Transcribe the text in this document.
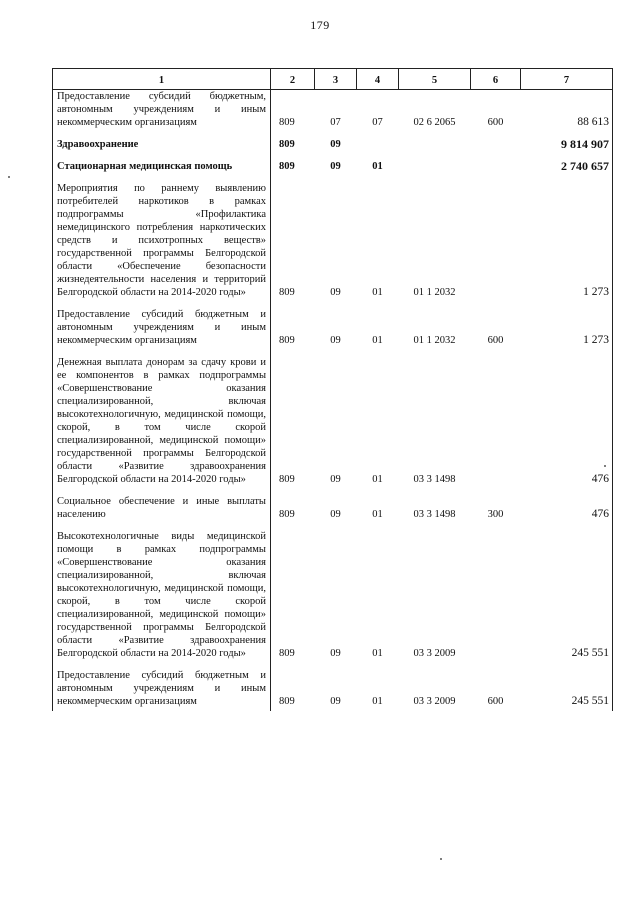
179
1	2	3	4	5	6	7
Предоставление субсидий бюджетным, автономным учреждениям и иным некоммерческим организациям	809	07	07	02 6 2065	600	88 613

Здравоохранение	809	09				9 814 907

Стационарная медицинская помощь	809	09	01			2 740 657

Мероприятия по раннему выявлению потребителей наркотиков в рамках подпрограммы «Профилактика немедицинского потребления наркотических средств и психотропных веществ» государственной программы Белгородской области «Обеспечение безопасности жизнедеятельности населения и территорий Белгородской области на 2014-2020 годы»	809	09	01	01 1 2032		1 273

Предоставление субсидий бюджетным и автономным учреждениям и иным некоммерческим организациям	809	09	01	01 1 2032	600	1 273

Денежная выплата донорам за сдачу крови и ее компонентов в рамках подпрограммы «Совершенствование оказания специализированной, включая высокотехнологичную, медицинской помощи, скорой, в том числе скорой специализированной, медицинской помощи» государственной программы Белгородской области «Развитие здравоохранения Белгородской области на 2014-2020 годы»	809	09	01	03 3 1498		476

Социальное обеспечение и иные выплаты населению	809	09	01	03 3 1498	300	476

Высокотехнологичные виды медицинской помощи в рамках подпрограммы «Совершенствование оказания специализированной, включая высокотехнологичную, медицинской помощи, скорой, в том числе скорой специализированной, медицинской помощи» государственной программы Белгородской области «Развитие здравоохранения Белгородской области на 2014-2020 годы»	809	09	01	03 3 2009		245 551

Предоставление субсидий бюджетным и автономным учреждениям и иным некоммерческим организациям	809	09	01	03 3 2009	600	245 551
